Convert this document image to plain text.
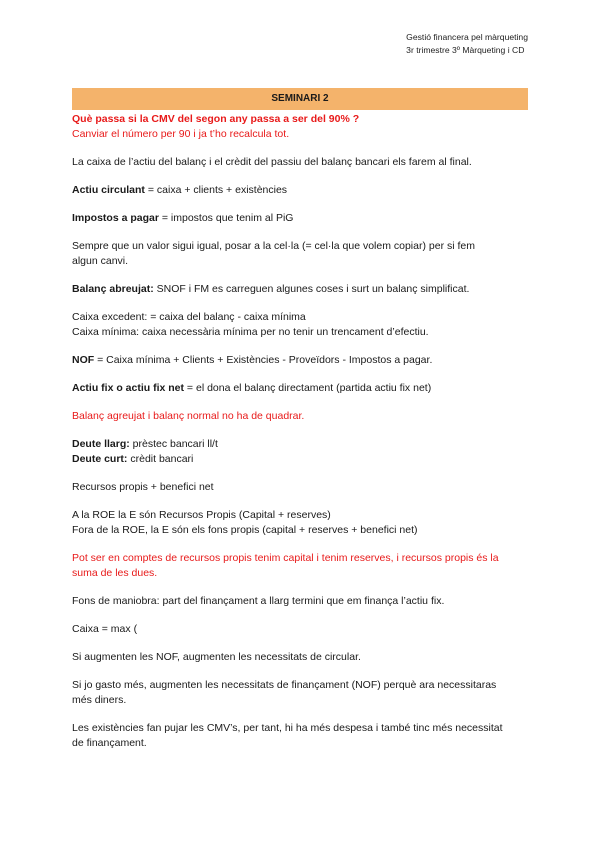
Gestió financera pel màrqueting
3r trimestre 3º Màrqueting i CD
SEMINARI 2

Què passa si la CMV del segon any passa a ser del 90% ?

Canviar el número per 90 i ja t’ho recalcula tot.

La caixa de l’actiu del balanç i el crèdit del passiu del balanç bancari els farem al final.

Actiu circulant = caixa + clients + existències

Impostos a pagar = impostos que tenim al PiG

Sempre que un valor sigui igual, posar a la cel·la (= cel·la que volem copiar) per si fem

algun canvi.

Balanç abreujat: SNOF i FM es carreguen algunes coses i surt un balanç simplificat.

Caixa excedent: = caixa del balanç - caixa mínima

Caixa mínima: caixa necessària mínima per no tenir un trencament d’efectiu.

NOF = Caixa mínima + Clients + Existències - Proveïdors - Impostos a pagar.

Actiu fix o actiu fix net = el dona el balanç directament (partida actiu fix net)

Balanç agreujat i balanç normal no ha de quadrar.

Deute llarg: prèstec bancari ll/t

Deute curt: crèdit bancari

Recursos propis + benefici net

A la ROE la E són Recursos Propis (Capital + reserves)

Fora de la ROE, la E són els fons propis (capital + reserves + benefici net)

Pot ser en comptes de recursos propis tenim capital i tenim reserves, i recursos propis és la

suma de les dues.

Fons de maniobra: part del finançament a llarg termini que em finança l’actiu fix.

Caixa = max (

Si augmenten les NOF, augmenten les necessitats de circular.

Si jo gasto més, augmenten les necessitats de finançament (NOF) perquè ara necessitaras

més diners.

Les existències fan pujar les CMV’s, per tant, hi ha més despesa i també tinc més necessitat

de finançament.
